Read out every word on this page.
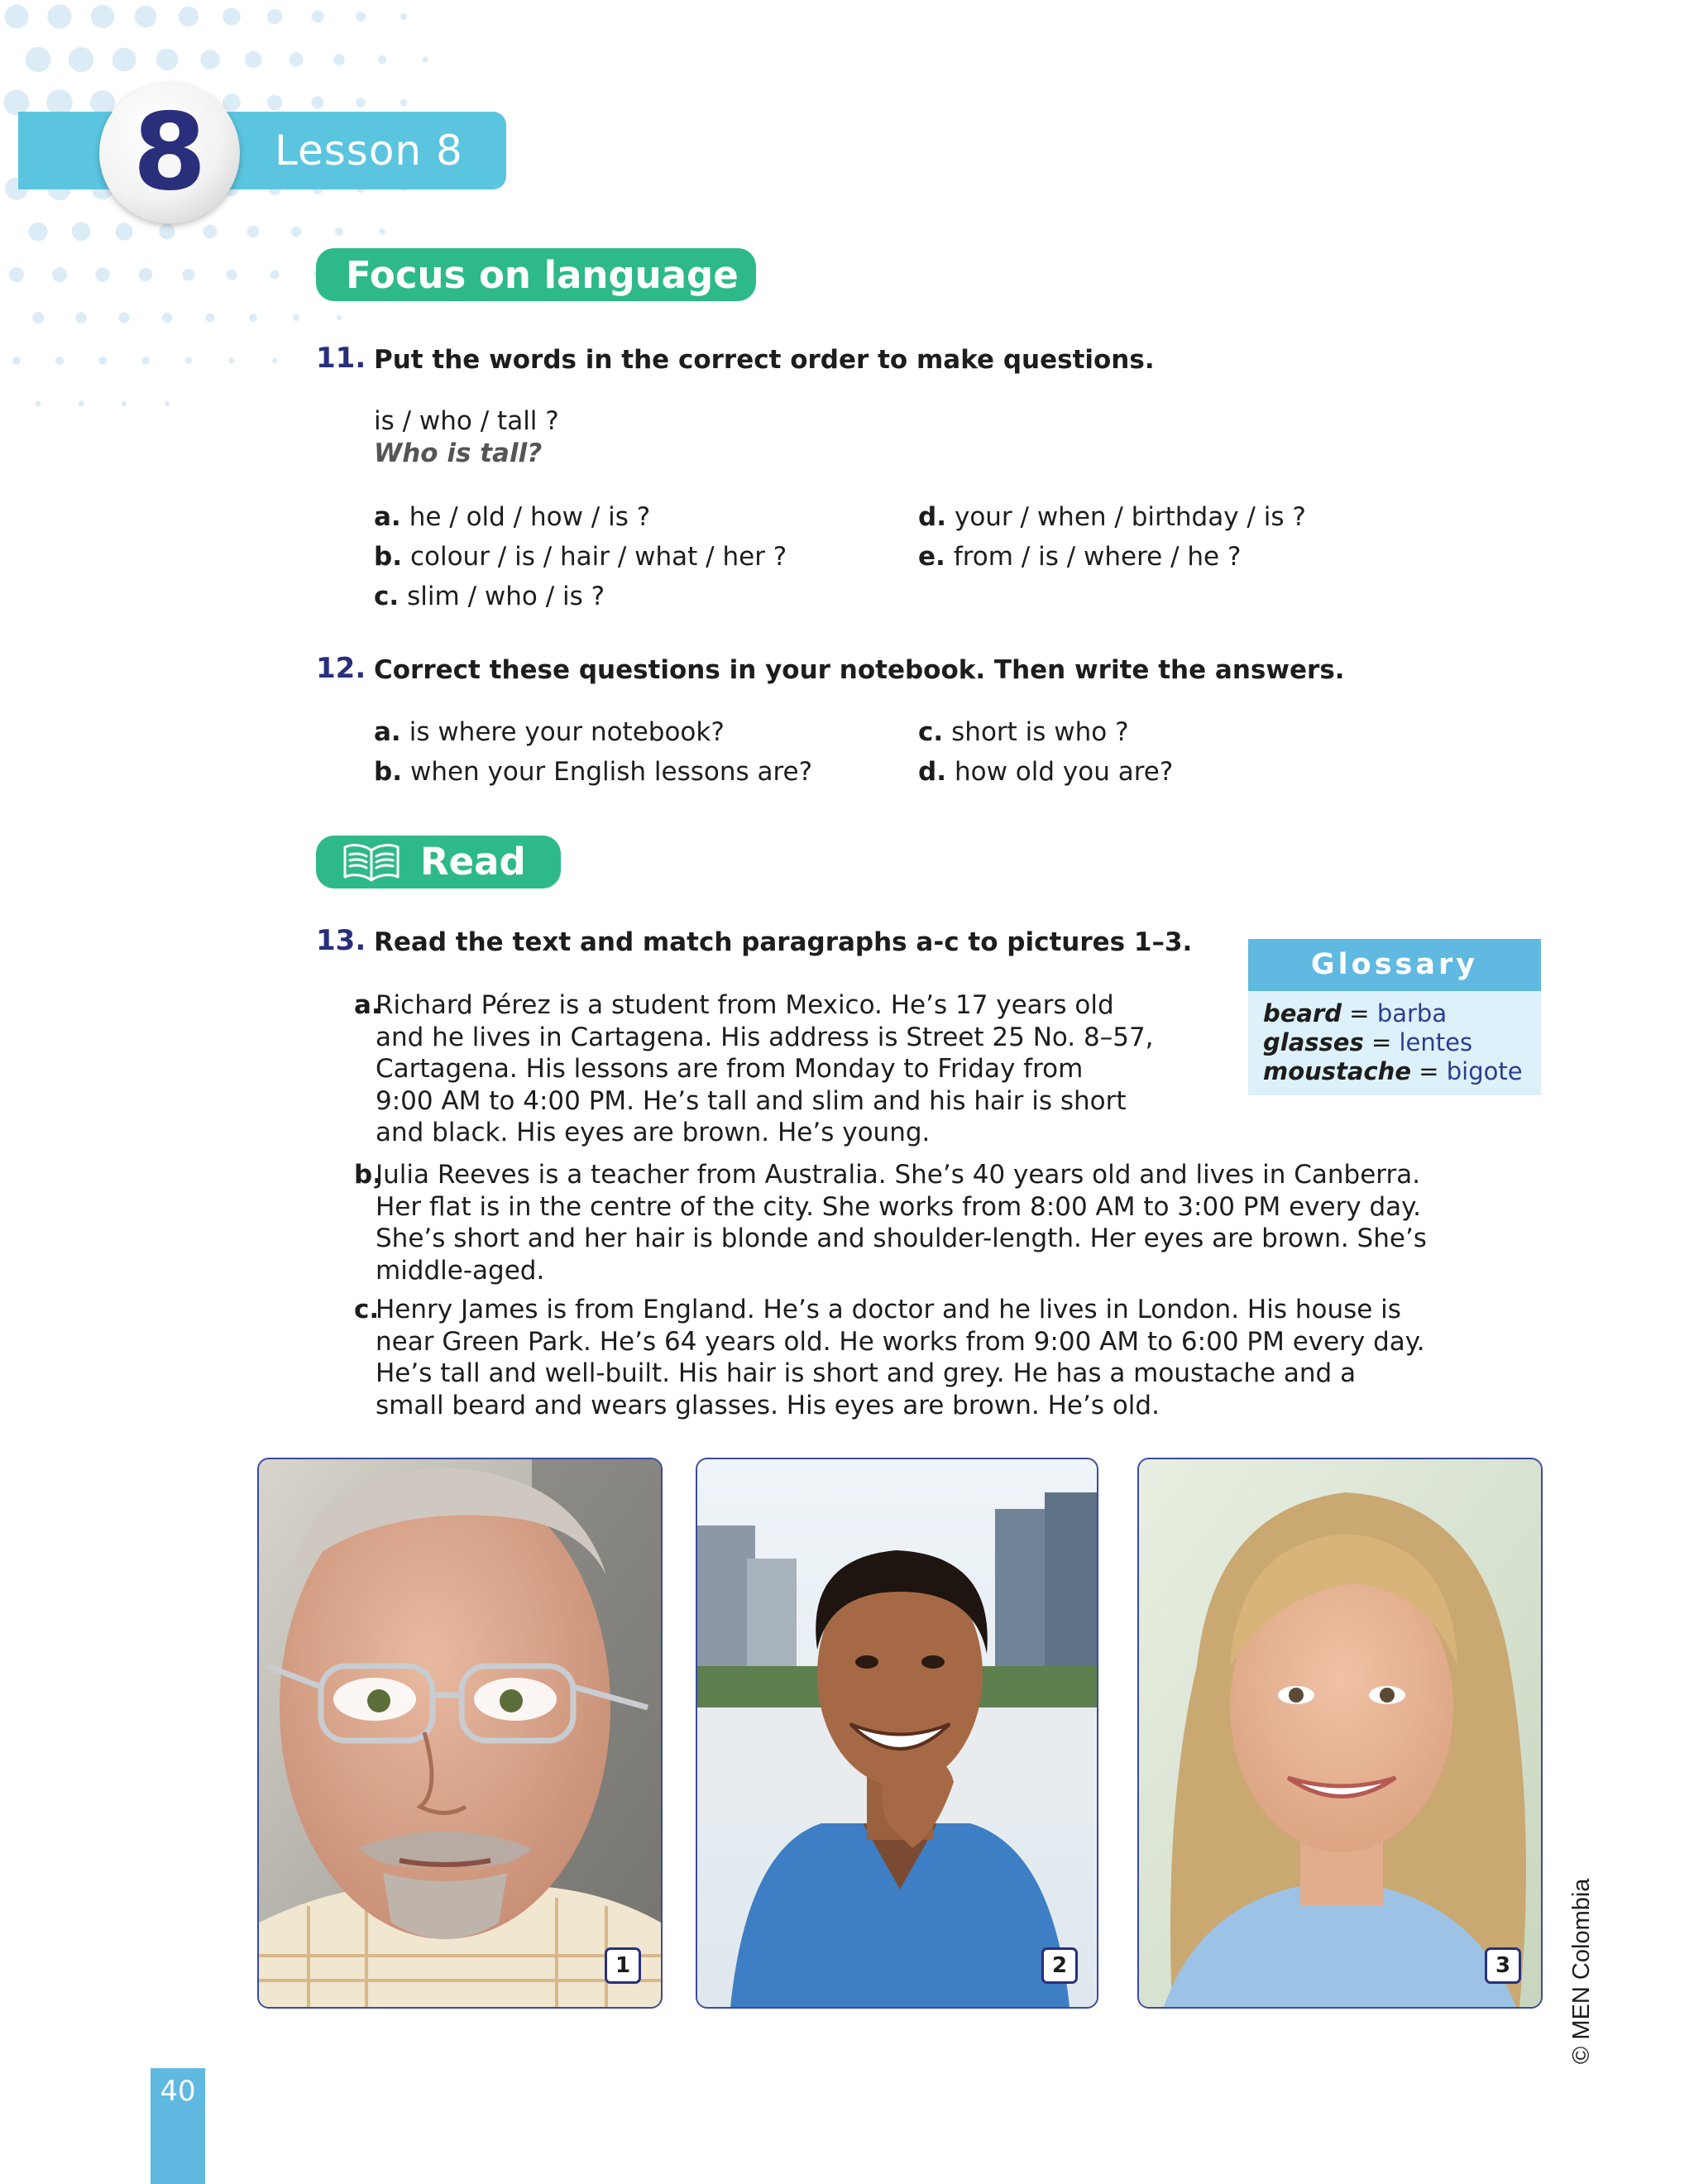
8	Lesson 8
Focus on language
11. Put the words in the correct order to make questions.
is / who / tall ?
Who is tall?
a. he / old / how / is ?
b. colour / is / hair / what / her ?
c. slim / who / is ?
d. your / when / birthday / is ?
e. from / is / where / he ?
12. Correct these questions in your notebook. Then write the answers.
a. is where your notebook?
b. when your English lessons are?
c. short is who ?
d. how old you are?
Read
13. Read the text and match paragraphs a-c to pictures 1–3.
a.
Richard Pérez is a student from Mexico. He’s 17 years old
and he lives in Cartagena. His address is Street 25 No. 8–57,
Cartagena. His lessons are from Monday to Friday from
9:00 AM to 4:00 PM. He’s tall and slim and his hair is short
and black. His eyes are brown. He’s young.
b.
Julia Reeves is a teacher from Australia. She’s 40 years old and lives in Canberra.
Her flat is in the centre of the city. She works from 8:00 AM to 3:00 PM every day.
She’s short and her hair is blonde and shoulder-length. Her eyes are brown. She’s
middle-aged.
c.
Henry James is from England. He’s a doctor and he lives in London. His house is
near Green Park. He’s 64 years old. He works from 9:00 AM to 6:00 PM every day.
He’s tall and well-built. His hair is short and grey. He has a moustache and a
small beard and wears glasses. His eyes are brown. He’s old.
Glossary
beard = barba
glasses = lentes
moustache = bigote
1	2	3
40
© MEN Colombia
